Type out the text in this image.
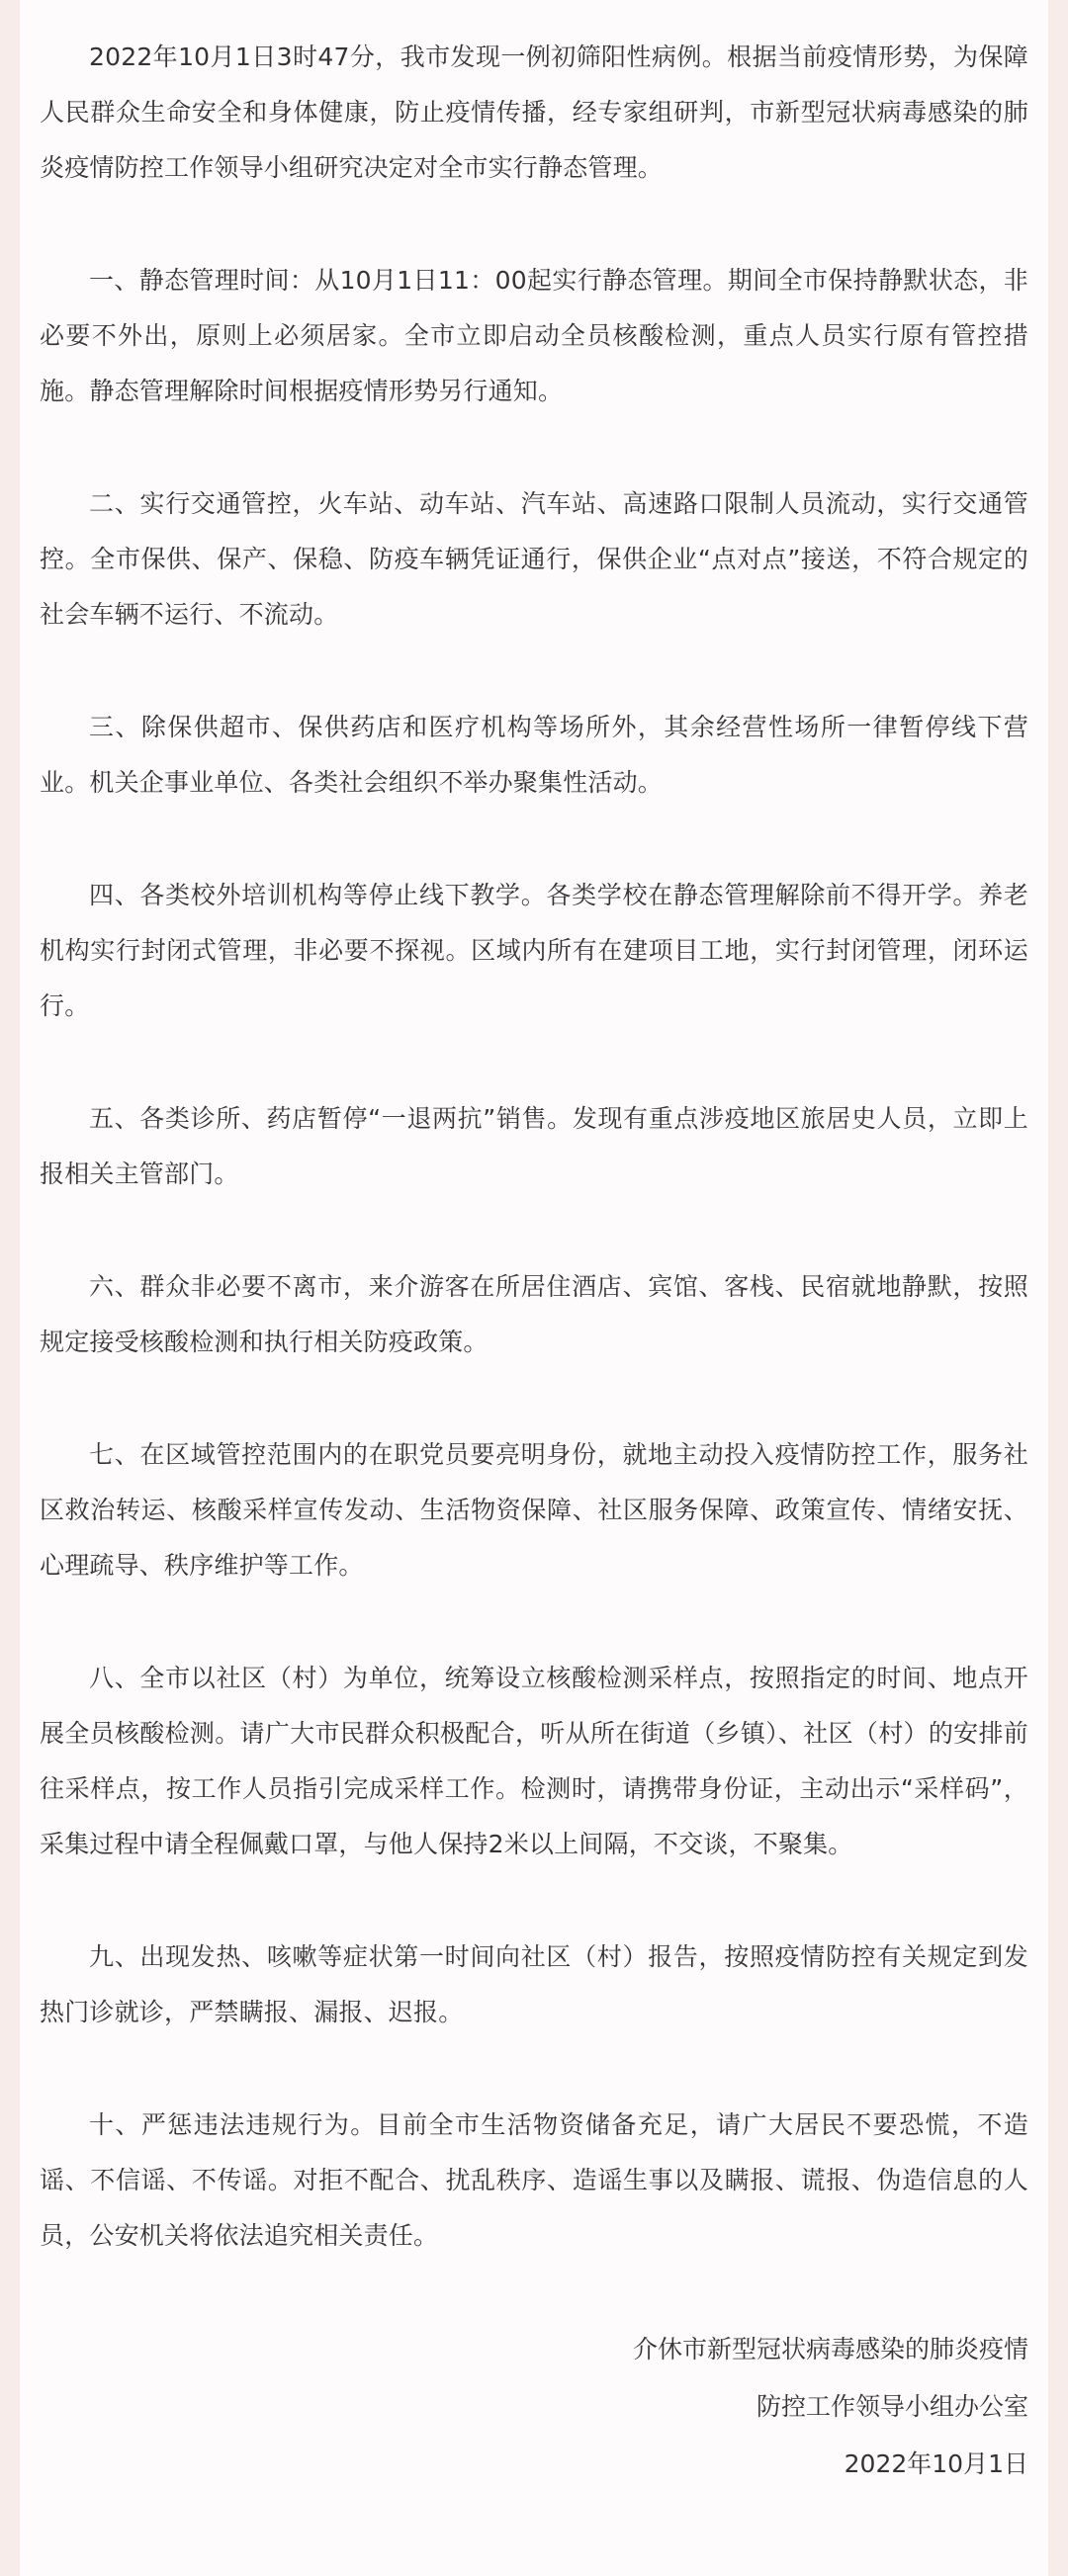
2022年10月1日3时47分，我市发现一例初筛阳性病例。根据当前疫情形势，为保障人民群众生命安全和身体健康，防止疫情传播，经专家组研判，市新型冠状病毒感染的肺炎疫情防控工作领导小组研究决定对全市实行静态管理。

一、静态管理时间：从10月1日11：00起实行静态管理。期间全市保持静默状态，非必要不外出，原则上必须居家。全市立即启动全员核酸检测，重点人员实行原有管控措施。静态管理解除时间根据疫情形势另行通知。

二、实行交通管控，火车站、动车站、汽车站、高速路口限制人员流动，实行交通管控。全市保供、保产、保稳、防疫车辆凭证通行，保供企业“点对点”接送，不符合规定的社会车辆不运行、不流动。

三、除保供超市、保供药店和医疗机构等场所外，其余经营性场所一律暂停线下营业。机关企事业单位、各类社会组织不举办聚集性活动。

四、各类校外培训机构等停止线下教学。各类学校在静态管理解除前不得开学。养老机构实行封闭式管理，非必要不探视。区域内所有在建项目工地，实行封闭管理，闭环运行。

五、各类诊所、药店暂停“一退两抗”销售。发现有重点涉疫地区旅居史人员，立即上报相关主管部门。

六、群众非必要不离市，来介游客在所居住酒店、宾馆、客栈、民宿就地静默，按照规定接受核酸检测和执行相关防疫政策。

七、在区域管控范围内的在职党员要亮明身份，就地主动投入疫情防控工作，服务社区救治转运、核酸采样宣传发动、生活物资保障、社区服务保障、政策宣传、情绪安抚、心理疏导、秩序维护等工作。

八、全市以社区（村）为单位，统筹设立核酸检测采样点，按照指定的时间、地点开展全员核酸检测。请广大市民群众积极配合，听从所在街道（乡镇）、社区（村）的安排前往采样点，按工作人员指引完成采样工作。检测时，请携带身份证，主动出示“采样码”，采集过程中请全程佩戴口罩，与他人保持2米以上间隔，不交谈，不聚集。

九、出现发热、咳嗽等症状第一时间向社区（村）报告，按照疫情防控有关规定到发热门诊就诊，严禁瞒报、漏报、迟报。

十、严惩违法违规行为。目前全市生活物资储备充足，请广大居民不要恐慌，不造谣、不信谣、不传谣。对拒不配合、扰乱秩序、造谣生事以及瞒报、谎报、伪造信息的人员，公安机关将依法追究相关责任。

介休市新型冠状病毒感染的肺炎疫情
防控工作领导小组办公室
2022年10月1日
